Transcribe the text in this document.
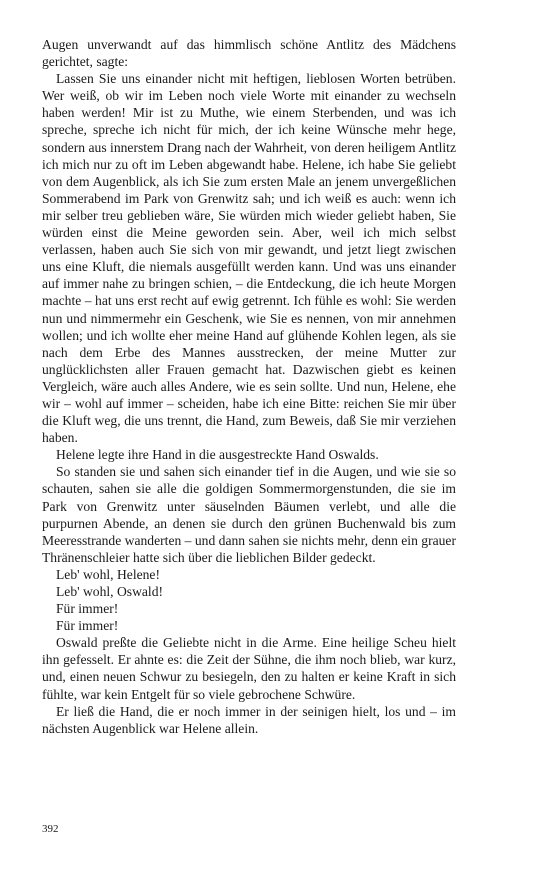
Augen unverwandt auf das himmlisch schöne Antlitz des Mädchens gerichtet, sagte:

Lassen Sie uns einander nicht mit heftigen, lieblosen Worten betrüben. Wer weiß, ob wir im Leben noch viele Worte mit einander zu wechseln haben werden! Mir ist zu Muthe, wie einem Sterbenden, und was ich spreche, spreche ich nicht für mich, der ich keine Wünsche mehr hege, sondern aus innerstem Drang nach der Wahrheit, von deren heiligem Antlitz ich mich nur zu oft im Leben abgewandt habe. Helene, ich habe Sie geliebt von dem Augenblick, als ich Sie zum ersten Male an jenem unvergeßlichen Sommerabend im Park von Grenwitz sah; und ich weiß es auch: wenn ich mir selber treu geblieben wäre, Sie würden mich wieder geliebt haben, Sie würden einst die Meine geworden sein. Aber, weil ich mich selbst verlassen, haben auch Sie sich von mir gewandt, und jetzt liegt zwischen uns eine Kluft, die niemals ausgefüllt werden kann. Und was uns einander auf immer nahe zu bringen schien, – die Entdeckung, die ich heute Morgen machte – hat uns erst recht auf ewig getrennt. Ich fühle es wohl: Sie werden nun und nimmermehr ein Geschenk, wie Sie es nennen, von mir annehmen wollen; und ich wollte eher meine Hand auf glühende Kohlen legen, als sie nach dem Erbe des Mannes ausstrecken, der meine Mutter zur unglücklichsten aller Frauen gemacht hat. Dazwischen giebt es keinen Vergleich, wäre auch alles Andere, wie es sein sollte. Und nun, Helene, ehe wir – wohl auf immer – scheiden, habe ich eine Bitte: reichen Sie mir über die Kluft weg, die uns trennt, die Hand, zum Beweis, daß Sie mir verziehen haben.

Helene legte ihre Hand in die ausgestreckte Hand Oswalds.

So standen sie und sahen sich einander tief in die Augen, und wie sie so schauten, sahen sie alle die goldigen Sommermorgenstunden, die sie im Park von Grenwitz unter säuselnden Bäumen verlebt, und alle die purpurnen Abende, an denen sie durch den grünen Buchenwald bis zum Meeresstrande wanderten – und dann sahen sie nichts mehr, denn ein grauer Thränenschleier hatte sich über die lieblichen Bilder gedeckt.

Leb' wohl, Helene!

Leb' wohl, Oswald!

Für immer!

Für immer!

Oswald preßte die Geliebte nicht in die Arme. Eine heilige Scheu hielt ihn gefesselt. Er ahnte es: die Zeit der Sühne, die ihm noch blieb, war kurz, und, einen neuen Schwur zu besiegeln, den zu halten er keine Kraft in sich fühlte, war kein Entgelt für so viele gebrochene Schwüre.

Er ließ die Hand, die er noch immer in der seinigen hielt, los und – im nächsten Augenblick war Helene allein.

392
